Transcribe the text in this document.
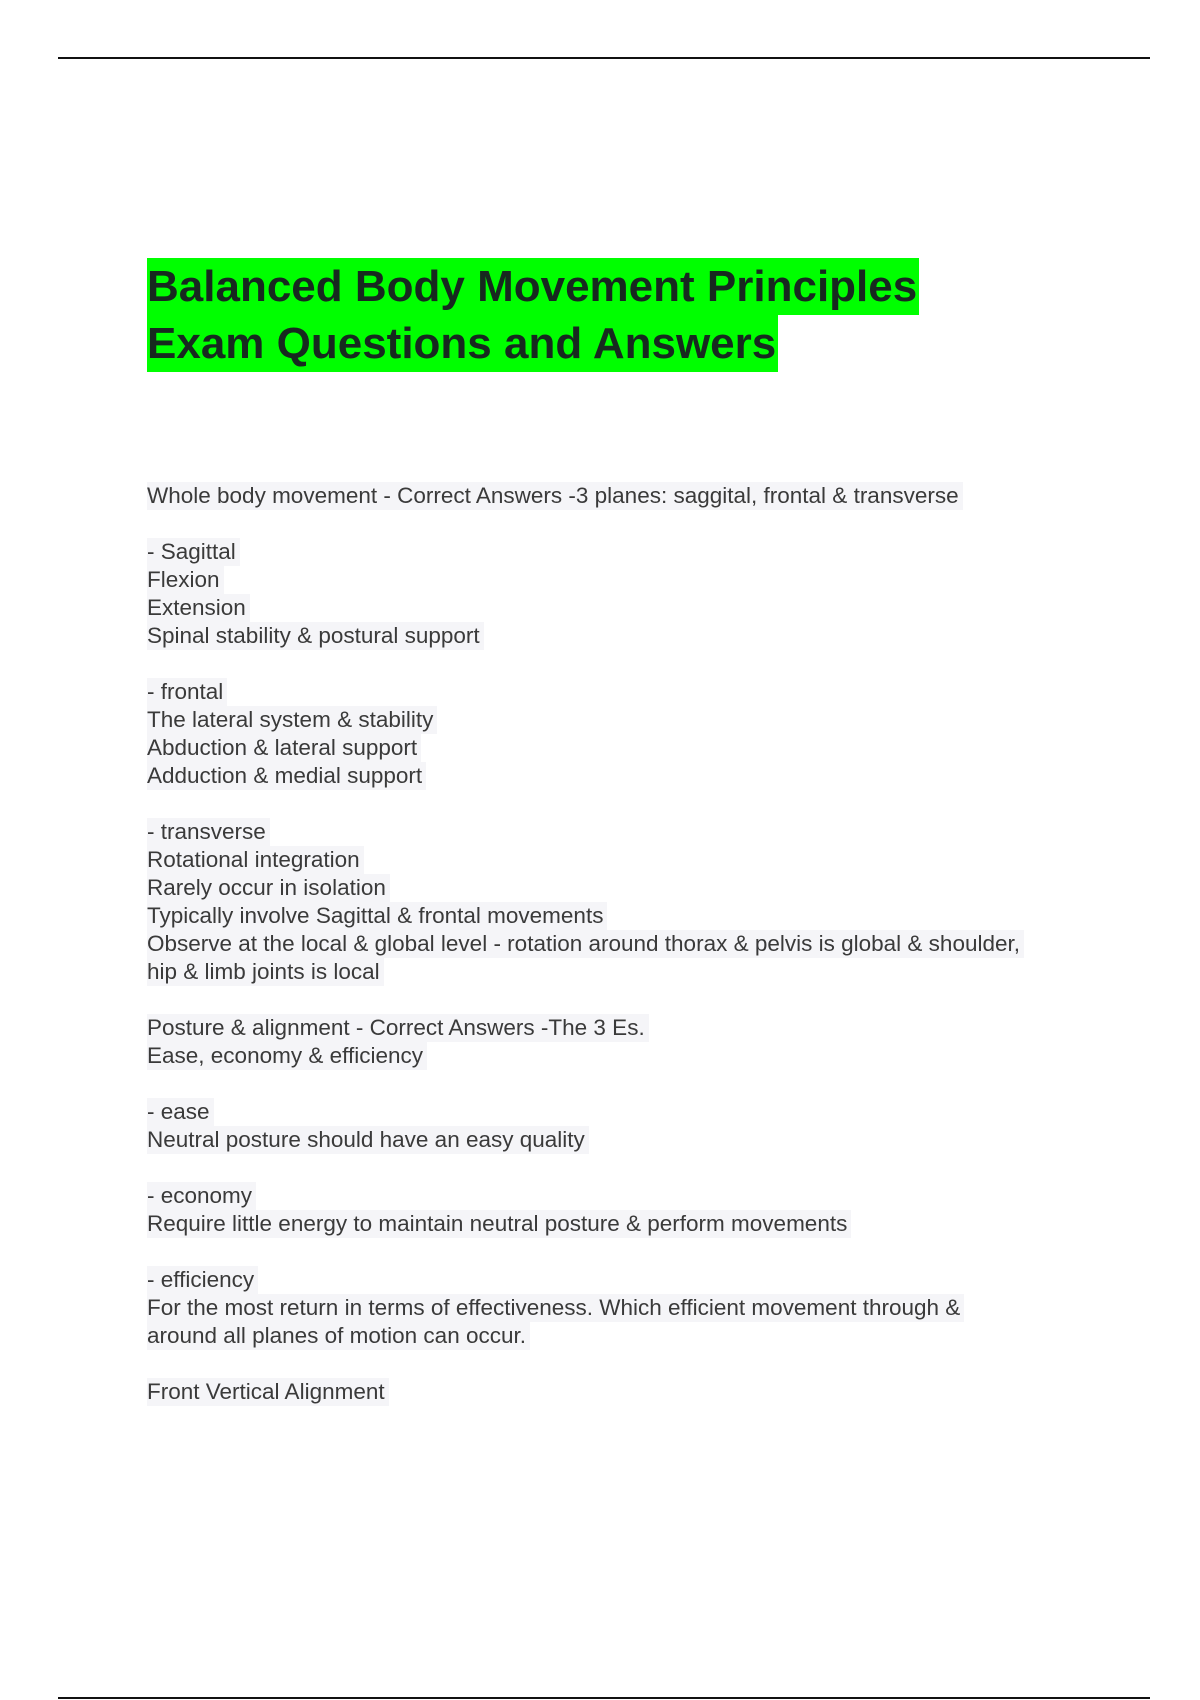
Balanced Body Movement Principles
Exam Questions and Answers
Whole body movement - Correct Answers -3 planes: saggital, frontal & transverse
- Sagittal
Flexion
Extension
Spinal stability & postural support
- frontal
The lateral system & stability
Abduction & lateral support
Adduction & medial support
- transverse
Rotational integration
Rarely occur in isolation
Typically involve Sagittal & frontal movements
Observe at the local & global level - rotation around thorax & pelvis is global & shoulder,
hip & limb joints is local
Posture & alignment - Correct Answers -The 3 Es.
Ease, economy & efficiency
- ease
Neutral posture should have an easy quality
- economy
Require little energy to maintain neutral posture & perform movements
- efficiency
For the most return in terms of effectiveness. Which efficient movement through &
around all planes of motion can occur.
Front Vertical Alignment
